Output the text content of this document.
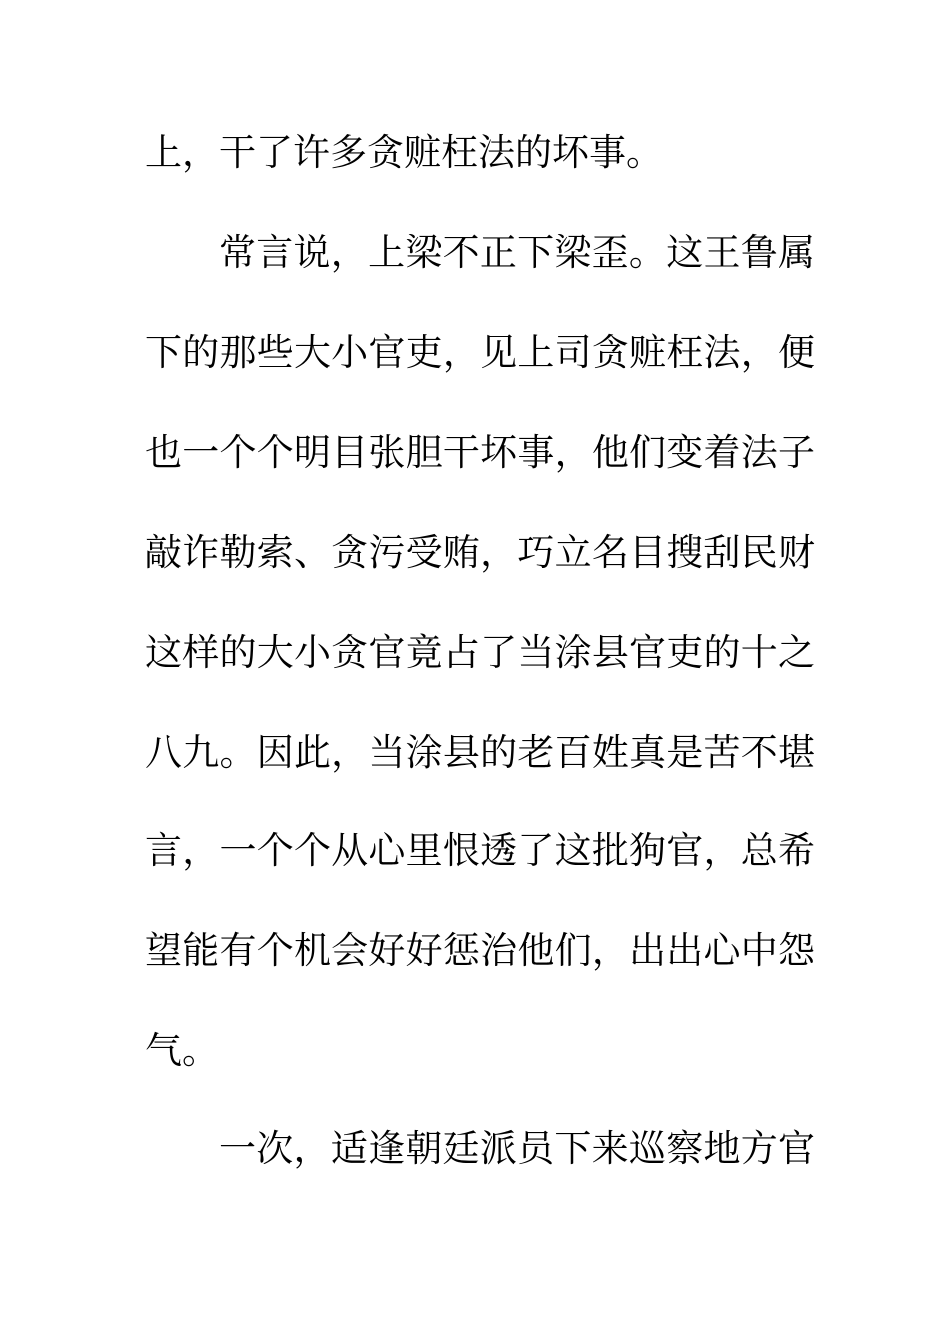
上，干了许多贪赃枉法的坏事。
常言说，上梁不正下梁歪。这王鲁属
下的那些大小官吏，见上司贪赃枉法，便
也一个个明目张胆干坏事，他们变着法子
敲诈勒索、贪污受贿，巧立名目搜刮民财
这样的大小贪官竟占了当涂县官吏的十之
八九。因此，当涂县的老百姓真是苦不堪
言，一个个从心里恨透了这批狗官，总希
望能有个机会好好惩治他们，出出心中怨
气。
一次，适逢朝廷派员下来巡察地方官
